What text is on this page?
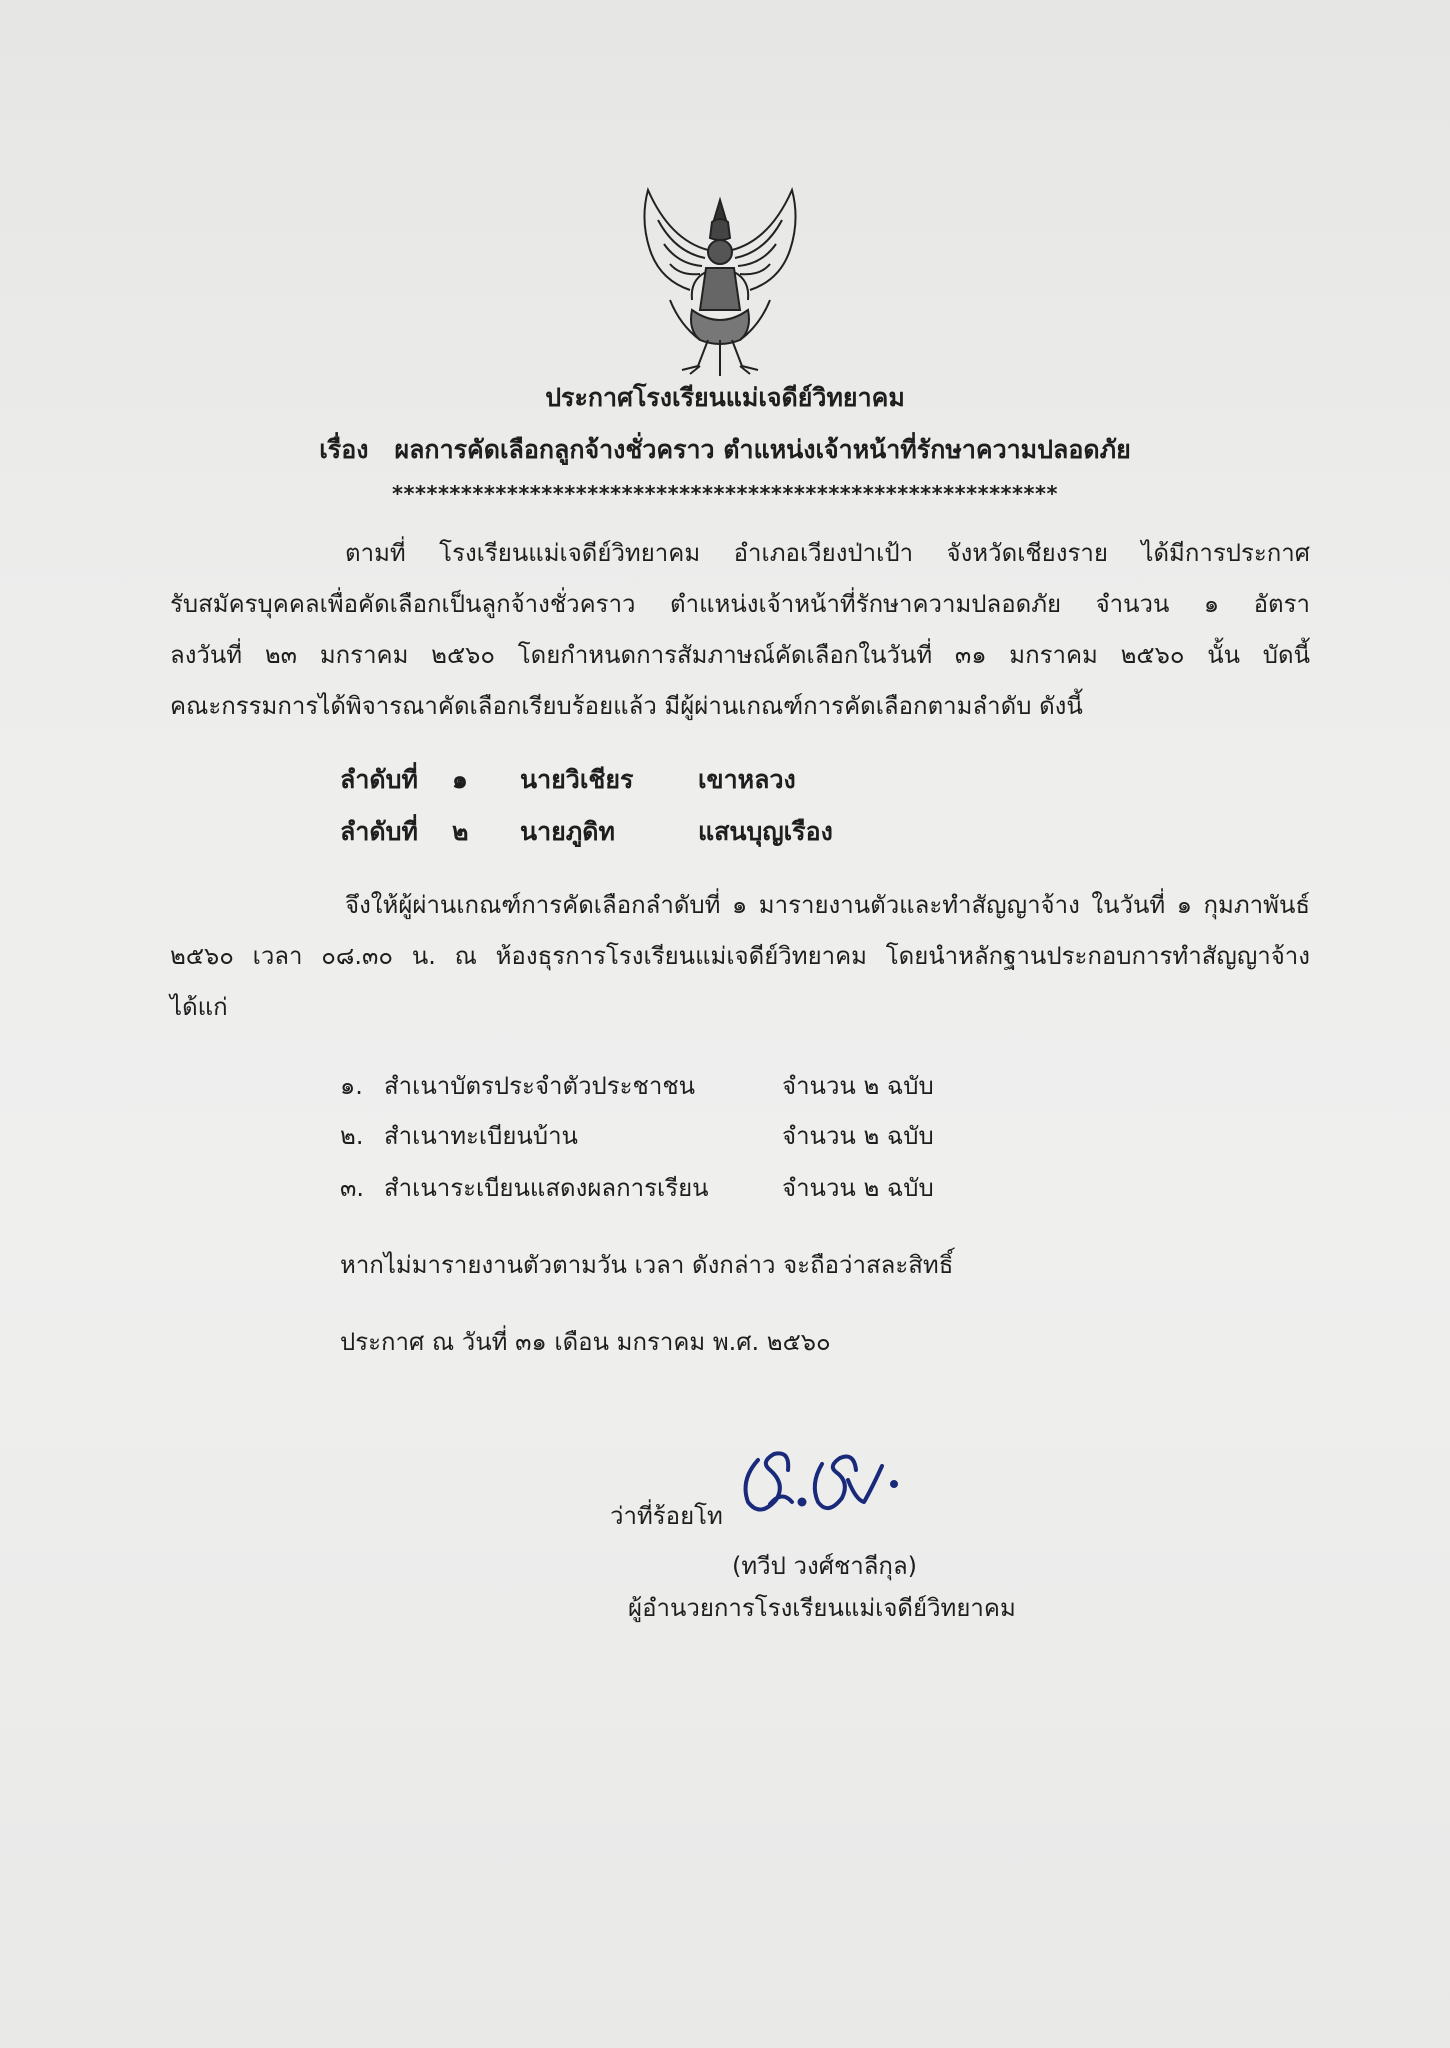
ประกาศโรงเรียนแม่เจดีย์วิทยาคม
เรื่อง ผลการคัดเลือกลูกจ้างชั่วคราว ตำแหน่งเจ้าหน้าที่รักษาความปลอดภัย
**********************************************************
ตามที่ โรงเรียนแม่เจดีย์วิทยาคม อำเภอเวียงป่าเป้า จังหวัดเชียงราย ได้มีการประกาศ
รับสมัครบุคคลเพื่อคัดเลือกเป็นลูกจ้างชั่วคราว ตำแหน่งเจ้าหน้าที่รักษาความปลอดภัย จำนวน ๑ อัตรา
ลงวันที่ ๒๓ มกราคม ๒๕๖๐ โดยกำหนดการสัมภาษณ์คัดเลือกในวันที่ ๓๑ มกราคม ๒๕๖๐ นั้น บัดนี้
คณะกรรมการได้พิจารณาคัดเลือกเรียบร้อยแล้ว มีผู้ผ่านเกณฑ์การคัดเลือกตามลำดับ ดังนี้
ลำดับที่ ๑ นายวิเชียร	เขาหลวง
ลำดับที่ ๒ นายภูดิท	แสนบุญเรือง
จึงให้ผู้ผ่านเกณฑ์การคัดเลือกลำดับที่ ๑ มารายงานตัวและทำสัญญาจ้าง ในวันที่ ๑ กุมภาพันธ์
๒๕๖๐ เวลา ๐๘.๓๐ น. ณ ห้องธุรการโรงเรียนแม่เจดีย์วิทยาคม โดยนำหลักฐานประกอบการทำสัญญาจ้าง
ได้แก่
๑. สำเนาบัตรประจำตัวประชาชน	จำนวน ๒ ฉบับ
๒. สำเนาทะเบียนบ้าน	จำนวน ๒ ฉบับ
๓. สำเนาระเบียนแสดงผลการเรียน	จำนวน ๒ ฉบับ
หากไม่มารายงานตัวตามวัน เวลา ดังกล่าว จะถือว่าสละสิทธิ์
ประกาศ ณ วันที่ ๓๑ เดือน มกราคม พ.ศ. ๒๕๖๐
ว่าที่ร้อยโท
(ทวีป วงศ์ชาลีกุล)
ผู้อำนวยการโรงเรียนแม่เจดีย์วิทยาคม
